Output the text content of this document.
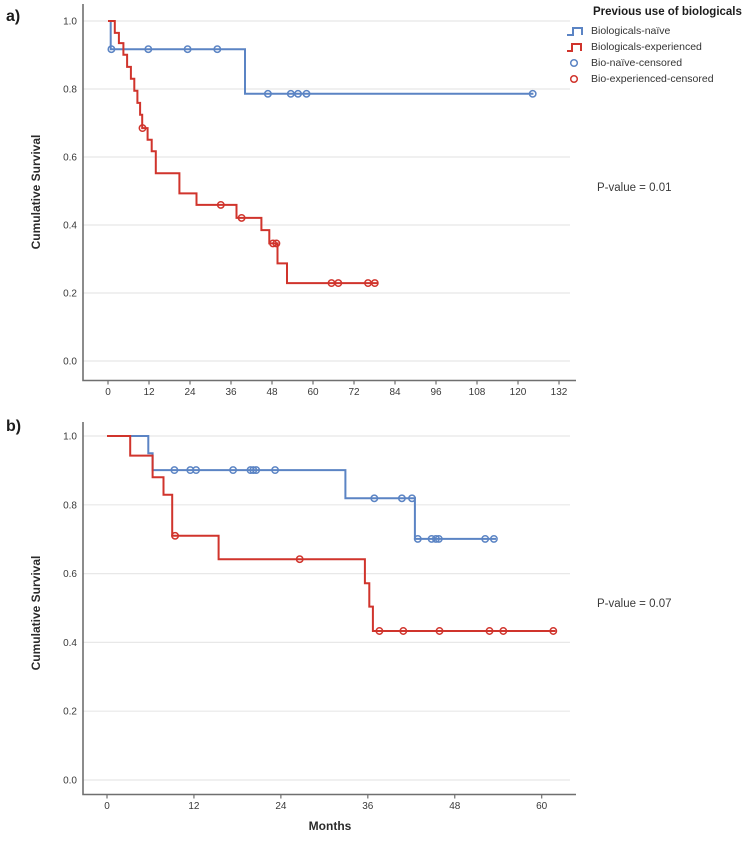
0	12	24	36	48	60	72	84	96	108 120 132
1.0
0.8
0.6
0.4
0.2
0.0
0	12	24	36	48	60
1.0
0.8
0.6
0.4
0.2
0.0
a)
b)
Cumulative Survival
Cumulative Survival
Months
P-value = 0.01
P-value = 0.07
Previous use of biologicals
Biologicals-naïve
Biologicals-experienced
Bio-naïve-censored
Bio-experienced-censored
